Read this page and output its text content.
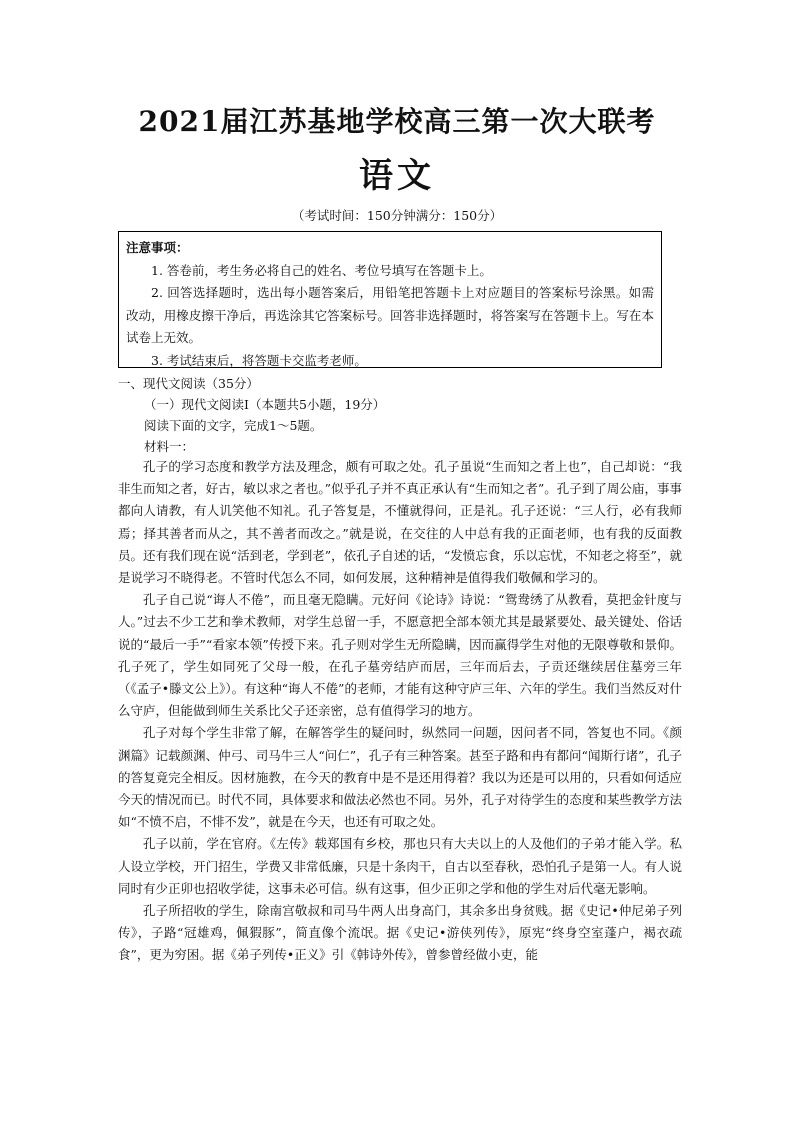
2021届江苏基地学校高三第一次大联考
语文
（考试时间：150分钟满分：150分）
注意事项：

1. 答卷前，考生务必将自己的姓名、考位号填写在答题卡上。

2. 回答选择题时，选出每小题答案后，用铅笔把答题卡上对应题目的答案标号涂黑。如需改动，用橡皮擦干净后，再选涂其它答案标号。回答非选择题时，将答案写在答题卡上。写在本试卷上无效。

3. 考试结束后，将答题卡交监考老师。

一、现代文阅读（35分）
（一）现代文阅读Ⅰ（本题共5小题，19分）
阅读下面的文字，完成1～5题。
材料一：

孔子的学习态度和教学方法及理念，颇有可取之处。孔子虽说“生而知之者上也”，自己却说：“我非生而知之者，好古，敏以求之者也。”似乎孔子并不真正承认有“生而知之者”。孔子到了周公庙，事事都向人请教，有人讥笑他不知礼。孔子答复是，不懂就得问，正是礼。孔子还说：“三人行，必有我师焉；择其善者而从之，其不善者而改之。”就是说，在交往的人中总有我的正面老师，也有我的反面教员。还有我们现在说“活到老，学到老”，依孔子自述的话，“发愤忘食，乐以忘忧，不知老之将至”，就是说学习不晓得老。不管时代怎么不同，如何发展，这种精神是值得我们敬佩和学习的。

孔子自己说“诲人不倦”，而且毫无隐瞒。元好问《论诗》诗说：“鸳鸯绣了从教看，莫把金针度与人。”过去不少工艺和拳术教师，对学生总留一手，不愿意把全部本领尤其是最紧要处、最关键处、俗话说的“最后一手”“看家本领”传授下来。孔子则对学生无所隐瞒，因而赢得学生对他的无限尊敬和景仰。孔子死了，学生如同死了父母一般，在孔子墓旁结庐而居，三年而后去，子贡还继续居住墓旁三年（《孟子•滕文公上》）。有这种“诲人不倦”的老师，才能有这种守庐三年、六年的学生。我们当然反对什么守庐，但能做到师生关系比父子还亲密，总有值得学习的地方。

孔子对每个学生非常了解，在解答学生的疑问时，纵然同一问题，因问者不同，答复也不同。《颜渊篇》记载颜渊、仲弓、司马牛三人“问仁”，孔子有三种答案。甚至子路和冉有都问“闻斯行诸”，孔子的答复竟完全相反。因材施教，在今天的教育中是不是还用得着？我以为还是可以用的，只看如何适应今天的情况而已。时代不同，具体要求和做法必然也不同。另外，孔子对待学生的态度和某些教学方法如“不愤不启，不悱不发”，就是在今天，也还有可取之处。

孔子以前，学在官府。《左传》载郑国有乡校，那也只有大夫以上的人及他们的子弟才能入学。私人设立学校，开门招生，学费又非常低廉，只是十条肉干，自古以至春秋，恐怕孔子是第一人。有人说同时有少正卯也招收学徒，这事未必可信。纵有这事，但少正卯之学和他的学生对后代毫无影响。

孔子所招收的学生，除南宫敬叔和司马牛两人出身高门，其余多出身贫贱。据《史记•仲尼弟子列传》，子路“冠雄鸡，佩猳豚”，简直像个流氓。据《史记•游侠列传》，原宪“终身空室蓬户，褐衣疏食”，更为穷困。据《弟子列传•正义》引《韩诗外传》，曾参曾经做小吏，能
